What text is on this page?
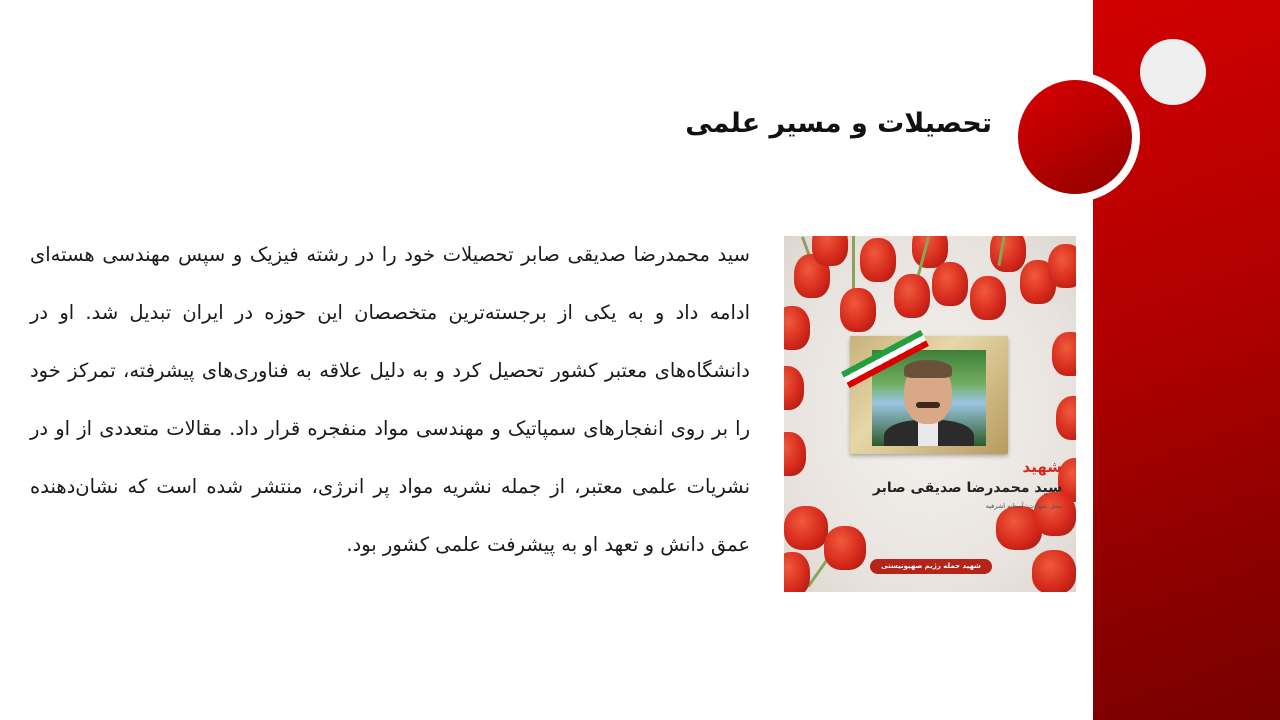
تحصیلات و مسیر علمی

سید محمدرضا صدیقی صابر تحصیلات خود را در رشته فیزیک و سپس مهندسی هسته‌ای ادامه داد و به یکی از برجسته‌ترین متخصصان این حوزه در ایران تبدیل شد. او در دانشگاه‌های معتبر کشور تحصیل کرد و به دلیل علاقه به فناوری‌های پیشرفته، تمرکز خود را بر روی انفجارهای سمپاتیک و مهندسی مواد منفجره قرار داد. مقالات متعددی از او در نشریات علمی معتبر، از جمله نشریه مواد پر انرژی، منتشر شده است که نشان‌دهنده عمق دانش و تعهد او به پیشرفت علمی کشور بود.

شهید
سید محمدرضا صدیقی صابر
محل شهادت: آستانه اشرفیه
شهید حمله رژیم صهیونیستی
